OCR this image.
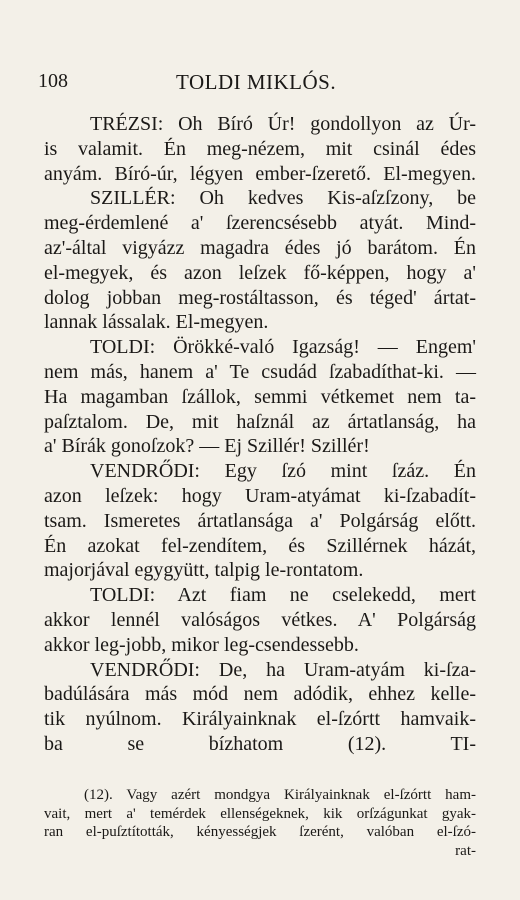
108	TOLDI MIKLÓS.
TRÉZSI: Oh Bíró Úr! gondollyon az Úr-
is valamit. Én meg-nézem, mit csinál édes
anyám. Bíró-úr, légyen ember-ſzerető. El-megyen.
SZILLÉR: Oh kedves Kis-aſzſzony, be
meg-érdemlené a' ſzerencsésebb atyát. Mind-
az'-által vigyázz magadra édes jó barátom. Én
el-megyek, és azon leſzek fő-képpen, hogy a'
dolog jobban meg-rostáltasson, és téged' ártat-
lannak lássalak. El-megyen.
TOLDI: Örökké-való Igazság! — Engem'
nem más, hanem a' Te csudád ſzabadíthat-ki. —
Ha magamban ſzállok, semmi vétkemet nem ta-
paſztalom. De, mit haſznál az ártatlanság, ha
a' Bírák gonoſzok? — Ej Szillér! Szillér!
VENDRŐDI: Egy ſzó mint ſzáz. Én
azon leſzek: hogy Uram-atyámat ki-ſzabadít-
tsam. Ismeretes ártatlansága a' Polgárság előtt.
Én azokat fel-zendítem, és Szillérnek házát,
majorjával egygyütt, talpig le-rontatom.
TOLDI: Azt fiam ne cselekedd, mert
akkor lennél valóságos vétkes. A' Polgárság
akkor leg-jobb, mikor leg-csendessebb.
VENDRŐDI: De, ha Uram-atyám ki-ſza-
badúlására más mód nem adódik, ehhez kelle-
tik nyúlnom. Királyainknak el-ſzórtt hamvaik-
ba se bízhatom (12). TI-
(12). Vagy azért mondgya Királyainknak el-ſzórtt ham-
vait, mert a' temérdek ellenségeknek, kik orſzágunkat gyak-
ran el-puſztították, kényességjek ſzerént, valóban el-ſzó-
rat-
